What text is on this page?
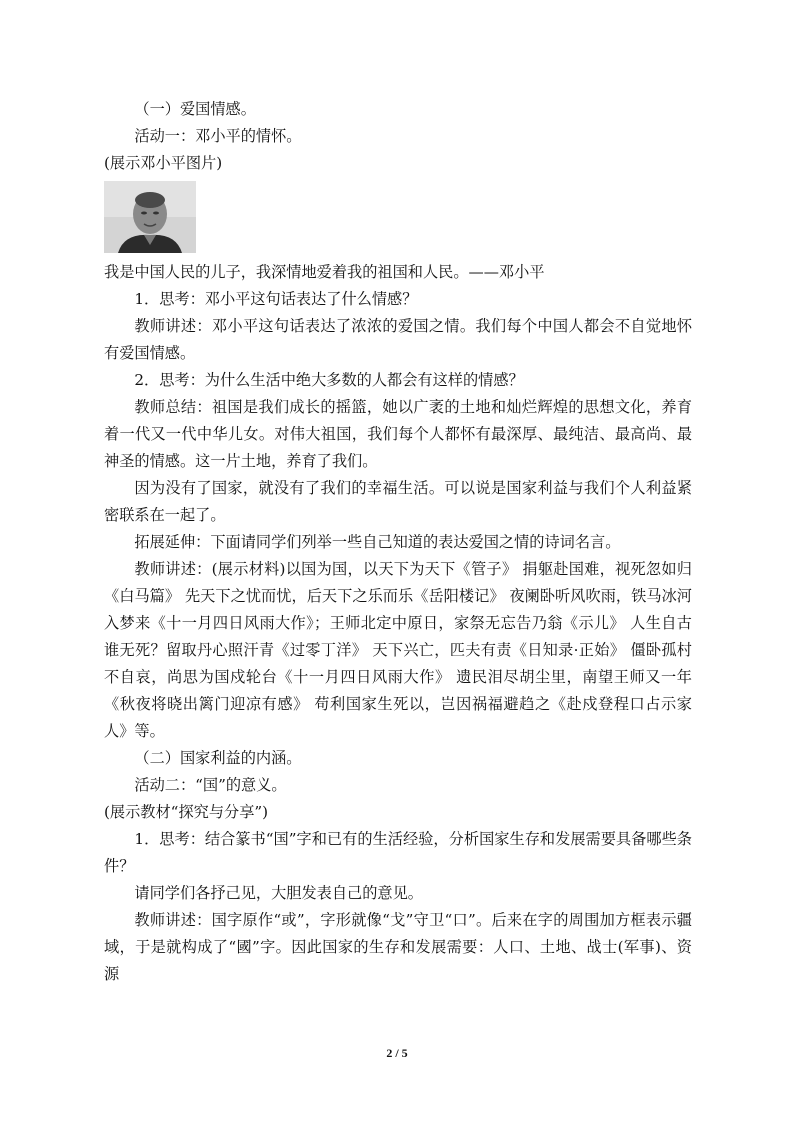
（一）爱国情感。

活动一：邓小平的情怀。

(展示邓小平图片)

我是中国人民的儿子，我深情地爱着我的祖国和人民。——邓小平

1．思考：邓小平这句话表达了什么情感？

教师讲述：邓小平这句话表达了浓浓的爱国之情。我们每个中国人都会不自觉地怀有爱国情感。

2．思考：为什么生活中绝大多数的人都会有这样的情感？

教师总结：祖国是我们成长的摇篮，她以广袤的土地和灿烂辉煌的思想文化，养育着一代又一代中华儿女。对伟大祖国，我们每个人都怀有最深厚、最纯洁、最高尚、最神圣的情感。这一片土地，养育了我们。

因为没有了国家，就没有了我们的幸福生活。可以说是国家利益与我们个人利益紧密联系在一起了。

拓展延伸：下面请同学们列举一些自己知道的表达爱国之情的诗词名言。

教师讲述：(展示材料)以国为国，以天下为天下《管子》 捐躯赴国难，视死忽如归《白马篇》 先天下之忧而忧，后天下之乐而乐《岳阳楼记》 夜阑卧听风吹雨，铁马冰河入梦来《十一月四日风雨大作》；王师北定中原日，家祭无忘告乃翁《示儿》 人生自古谁无死？留取丹心照汗青《过零丁洋》 天下兴亡，匹夫有责《日知录·正始》 僵卧孤村不自哀，尚思为国戍轮台《十一月四日风雨大作》 遗民泪尽胡尘里，南望王师又一年《秋夜将晓出篱门迎凉有感》 苟利国家生死以，岂因祸福避趋之《赴戍登程口占示家人》等。

（二）国家利益的内涵。

活动二：“国”的意义。

(展示教材“探究与分享”)

1．思考：结合篆书“国”字和已有的生活经验，分析国家生存和发展需要具备哪些条件？

请同学们各抒己见，大胆发表自己的意见。

教师讲述：国字原作“或”，字形就像“戈”守卫“口”。后来在字的周围加方框表示疆域，于是就构成了“國”字。因此国家的生存和发展需要：人口、土地、战士(军事)、资源

2 / 5
